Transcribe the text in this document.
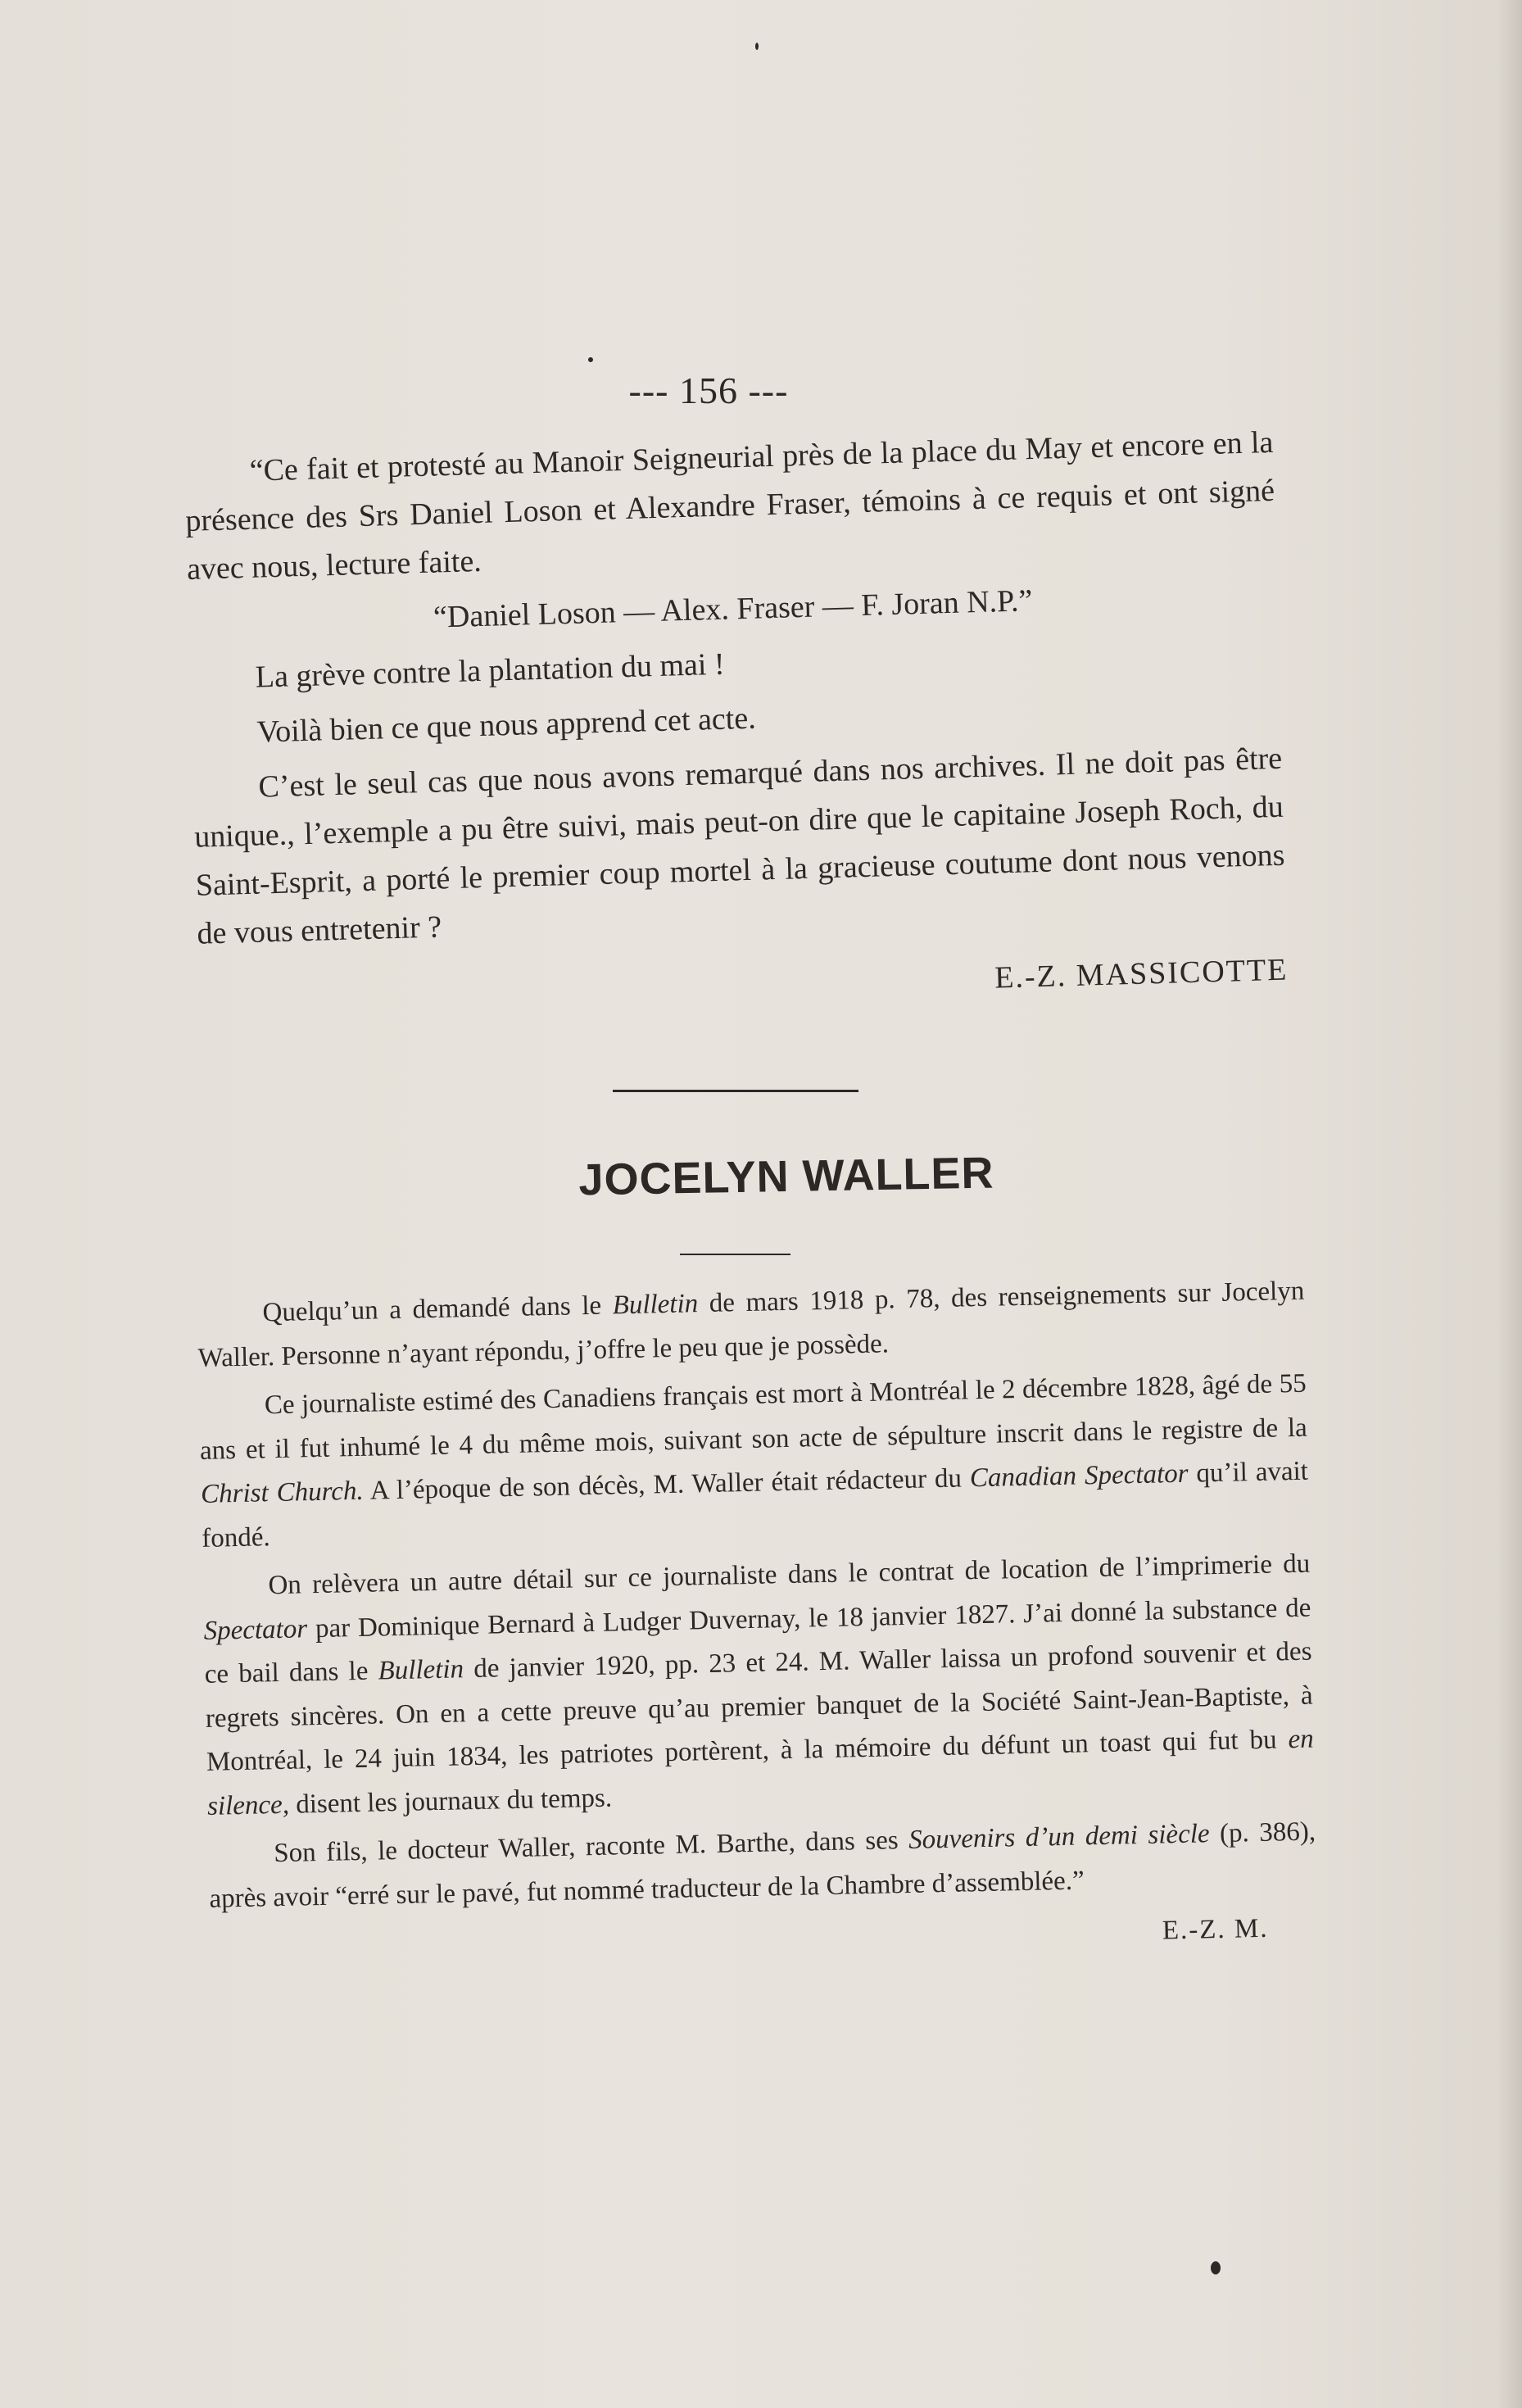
--- 156 ---

“Ce fait et protesté au Manoir Seigneurial près de la place du May et encore en la présence des Srs Daniel Loson et Alexandre Fraser, témoins à ce requis et ont signé avec nous, lecture faite.

“Daniel Loson — Alex. Fraser — F. Joran N.P.”

La grève contre la plantation du mai !

Voilà bien ce que nous apprend cet acte.

C’est le seul cas que nous avons remarqué dans nos archives. Il ne doit pas être unique., l’exemple a pu être suivi, mais peut-on dire que le capitaine Joseph Roch, du Saint-Esprit, a porté le premier coup mortel à la gracieuse coutume dont nous venons de vous entretenir ?

E.-Z. MASSICOTTE

JOCELYN WALLER

Quelqu’un a demandé dans le Bulletin de mars 1918 p. 78, des renseignements sur Jocelyn Waller. Personne n’ayant répondu, j’offre le peu que je possède.

Ce journaliste estimé des Canadiens français est mort à Montréal le 2 décembre 1828, âgé de 55 ans et il fut inhumé le 4 du même mois, suivant son acte de sépulture inscrit dans le registre de la Christ Church. A l’époque de son décès, M. Waller était rédacteur du Canadian Spectator qu’il avait fondé.

On relèvera un autre détail sur ce journaliste dans le contrat de location de l’imprimerie du Spectator par Dominique Bernard à Ludger Duvernay, le 18 janvier 1827. J’ai donné la substance de ce bail dans le Bulletin de janvier 1920, pp. 23 et 24. M. Waller laissa un profond souvenir et des regrets sincères. On en a cette preuve qu’au premier banquet de la Société Saint-Jean-Baptiste, à Montréal, le 24 juin 1834, les patriotes portèrent, à la mémoire du défunt un toast qui fut bu en silence, disent les journaux du temps.

Son fils, le docteur Waller, raconte M. Barthe, dans ses Souvenirs d’un demi siècle (p. 386), après avoir “erré sur le pavé, fut nommé traducteur de la Chambre d’assemblée.”

E.-Z. M.
